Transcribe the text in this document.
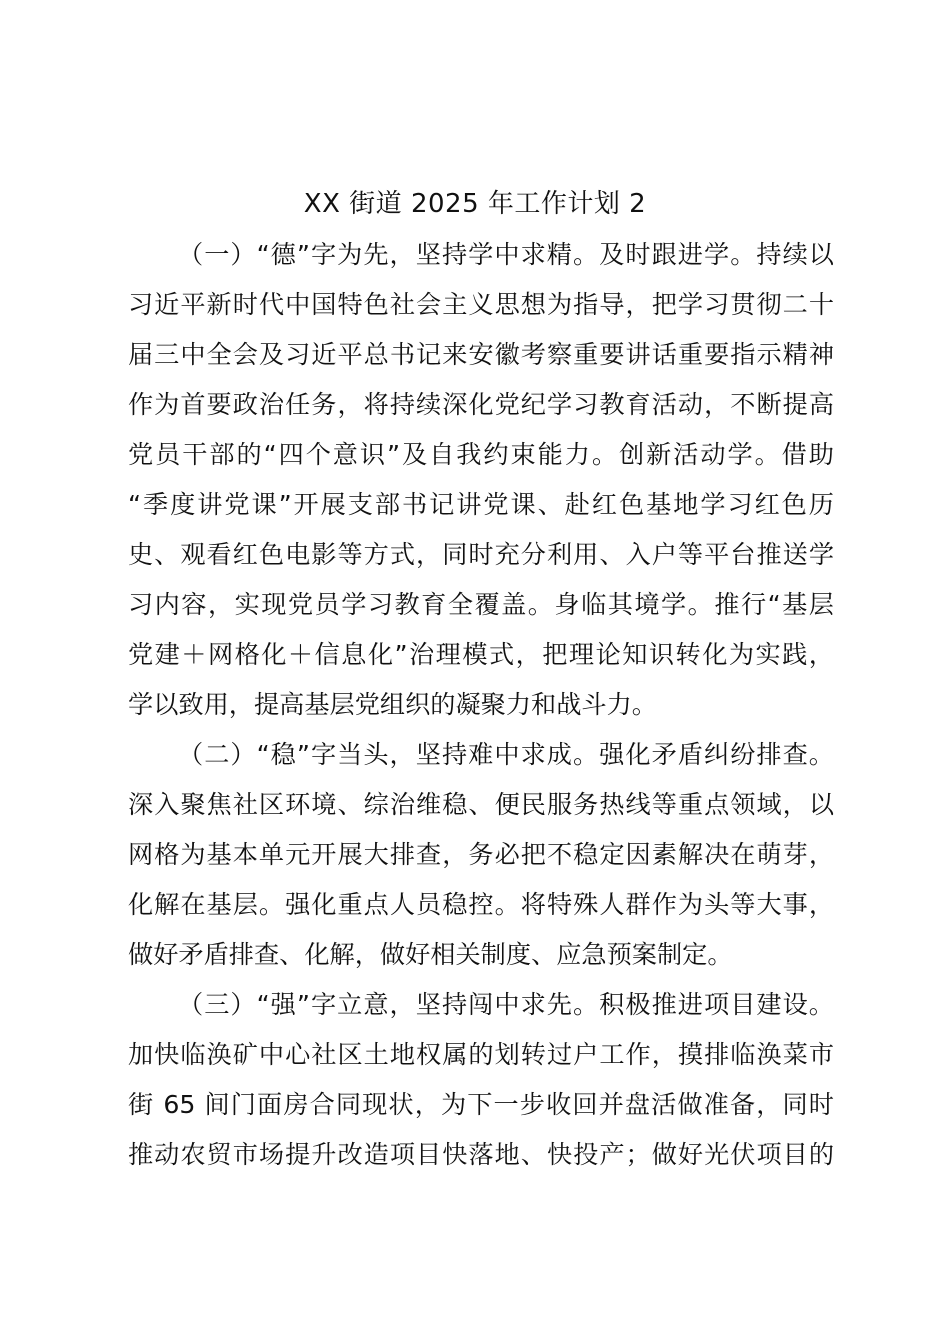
XX 街道 2025 年工作计划 2
（一）“德”字为先，坚持学中求精。及时跟进学。持续以
习近平新时代中国特色社会主义思想为指导，把学习贯彻二十
届三中全会及习近平总书记来安徽考察重要讲话重要指示精神
作为首要政治任务，将持续深化党纪学习教育活动，不断提高
党员干部的“四个意识”及自我约束能力。创新活动学。借助
“季度讲党课”开展支部书记讲党课、赴红色基地学习红色历
史、观看红色电影等方式，同时充分利用、入户等平台推送学
习内容，实现党员学习教育全覆盖。身临其境学。推行“基层
党建＋网格化＋信息化”治理模式，把理论知识转化为实践，
学以致用，提高基层党组织的凝聚力和战斗力。
（二）“稳”字当头，坚持难中求成。强化矛盾纠纷排查。
深入聚焦社区环境、综治维稳、便民服务热线等重点领域，以
网格为基本单元开展大排查，务必把不稳定因素解决在萌芽，
化解在基层。强化重点人员稳控。将特殊人群作为头等大事，
做好矛盾排查、化解，做好相关制度、应急预案制定。
（三）“强”字立意，坚持闯中求先。积极推进项目建设。
加快临涣矿中心社区土地权属的划转过户工作，摸排临涣菜市
街 65 间门面房合同现状，为下一步收回并盘活做准备，同时
推动农贸市场提升改造项目快落地、快投产；做好光伏项目的
